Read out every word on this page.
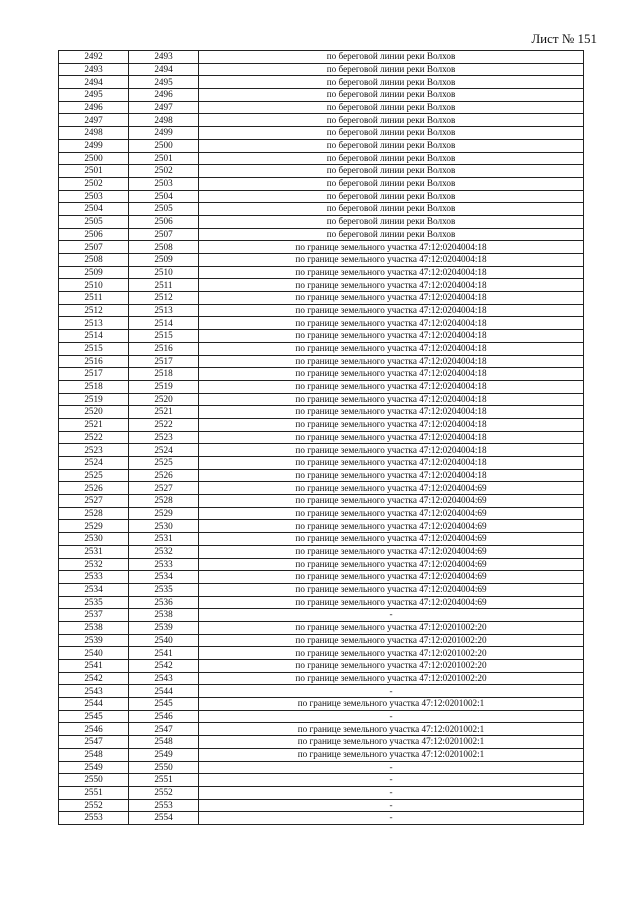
Лист № 151
2492	2493	по береговой линии реки Волхов
2493	2494	по береговой линии реки Волхов
2494	2495	по береговой линии реки Волхов
2495	2496	по береговой линии реки Волхов
2496	2497	по береговой линии реки Волхов
2497	2498	по береговой линии реки Волхов
2498	2499	по береговой линии реки Волхов
2499	2500	по береговой линии реки Волхов
2500	2501	по береговой линии реки Волхов
2501	2502	по береговой линии реки Волхов
2502	2503	по береговой линии реки Волхов
2503	2504	по береговой линии реки Волхов
2504	2505	по береговой линии реки Волхов
2505	2506	по береговой линии реки Волхов
2506	2507	по береговой линии реки Волхов
2507	2508	по границе земельного участка 47:12:0204004:18
2508	2509	по границе земельного участка 47:12:0204004:18
2509	2510	по границе земельного участка 47:12:0204004:18
2510	2511	по границе земельного участка 47:12:0204004:18
2511	2512	по границе земельного участка 47:12:0204004:18
2512	2513	по границе земельного участка 47:12:0204004:18
2513	2514	по границе земельного участка 47:12:0204004:18
2514	2515	по границе земельного участка 47:12:0204004:18
2515	2516	по границе земельного участка 47:12:0204004:18
2516	2517	по границе земельного участка 47:12:0204004:18
2517	2518	по границе земельного участка 47:12:0204004:18
2518	2519	по границе земельного участка 47:12:0204004:18
2519	2520	по границе земельного участка 47:12:0204004:18
2520	2521	по границе земельного участка 47:12:0204004:18
2521	2522	по границе земельного участка 47:12:0204004:18
2522	2523	по границе земельного участка 47:12:0204004:18
2523	2524	по границе земельного участка 47:12:0204004:18
2524	2525	по границе земельного участка 47:12:0204004:18
2525	2526	по границе земельного участка 47:12:0204004:18
2526	2527	по границе земельного участка 47:12:0204004:69
2527	2528	по границе земельного участка 47:12:0204004:69
2528	2529	по границе земельного участка 47:12:0204004:69
2529	2530	по границе земельного участка 47:12:0204004:69
2530	2531	по границе земельного участка 47:12:0204004:69
2531	2532	по границе земельного участка 47:12:0204004:69
2532	2533	по границе земельного участка 47:12:0204004:69
2533	2534	по границе земельного участка 47:12:0204004:69
2534	2535	по границе земельного участка 47:12:0204004:69
2535	2536	по границе земельного участка 47:12:0204004:69
2537	2538	-
2538	2539	по границе земельного участка 47:12:0201002:20
2539	2540	по границе земельного участка 47:12:0201002:20
2540	2541	по границе земельного участка 47:12:0201002:20
2541	2542	по границе земельного участка 47:12:0201002:20
2542	2543	по границе земельного участка 47:12:0201002:20
2543	2544	-
2544	2545	по границе земельного участка 47:12:0201002:1
2545	2546	-
2546	2547	по границе земельного участка 47:12:0201002:1
2547	2548	по границе земельного участка 47:12:0201002:1
2548	2549	по границе земельного участка 47:12:0201002:1
2549	2550	-
2550	2551	-
2551	2552	-
2552	2553	-
2553	2554	-
